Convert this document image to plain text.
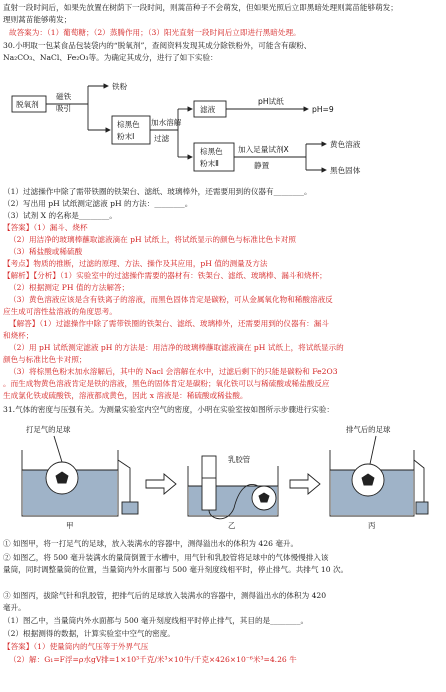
直射一段时间后，如果先放置在树荫下一段时间，则蒿苗种子不会萌发，但如果光照后立即黑暗处理则蒿苗能够萌发；
理则蒿苗能够萌发；
故答案为：（1）葡萄糖；（2）蒸腾作用；（3）阳光直射一段时间后立即进行黑暗处理。
30.小明取一包某食品包装袋内的“脱氧剂”，查阅资料发现其成分除铁粉外，可能含有碳粉、
Na₂CO₃、NaCl、Fe₂O₃等。为确定其成分，进行了如下实验：
脱氧剂
磁铁
吸引
铁粉
棕黑色
粉末Ⅰ
加水溶解
过滤
滤液
pH试纸
pH=9
棕黑色
粉末Ⅱ
加入足量试剂X
静置
黄色溶液
黑色固体
（1）过滤操作中除了需带铁圈的铁架台、滤纸、玻璃棒外，还需要用到的仪器有________。
（2）写出用 pH 试纸测定滤液 pH 的方法：________。
（3）试剂 X 的名称是________。
【答案】（1）漏斗、烧杯
（2）用洁净的玻璃棒蘸取滤液滴在 pH 试纸上，将试纸显示的颜色与标准比色卡对照
（3）稀盐酸或稀硫酸
【考点】物质的推断，过滤的原理、方法、操作及其应用，pH 值的测量及方法
【解析】【分析】（1）实验室中的过滤操作需要的器材有：铁架台、滤纸、玻璃棒、漏斗和烧杯；
（2）根据测定 PH 值的方法解答；
（3）黄色溶液应该是含有铁离子的溶液，而黑色固体肯定是碳粉，可从金属氧化物和稀酸溶液反
应生成可溶性盐溶液的角度思考。
【解答】（1）过滤操作中除了需带铁圈的铁架台、滤纸、玻璃棒外，还需要用到的仪器有：漏斗
和烧杯；
（2）用 pH 试纸测定滤液 pH 的方法是：用洁净的玻璃棒蘸取滤液滴在 pH 试纸上，将试纸显示的
颜色与标准比色卡对照；
（3）将棕黑色粉末加水溶解后，其中的 Nacl 会溶解在水中，过滤后剩下的只能是碳粉和 Fe2O3
。而生成物黄色溶液肯定是铁的溶液，黑色的固体肯定是碳粉；氧化铁可以与稀硫酸或稀盐酸反应
生成氯化铁或硫酸铁，溶液都成黄色，因此 x 溶液是：稀硫酸或稀盐酸。
31.气体的密度与压强有关。为测量实验室内空气的密度，小明在实验室按如图所示步骤进行实验：
打足气的足球
乳胶管
排气后的足球
甲	乙	丙
① 如图甲，将一打足气的足球，放入装满水的容器中，测得溢出水的体积为 426 毫升。
② 如图乙，将 500 毫升装满水的量筒倒置于水槽中，用气针和乳胶管将足球中的气体慢慢排入该
量筒，同时调整量筒的位置，当量筒内外水面都与 500 毫升刻度线相平时，停止排气。共排气 10 次。
③ 如图丙，拔除气针和乳胶管，把排气后的足球放入装满水的容器中，测得溢出水的体积为 420
毫升。
（1）图乙中，当量筒内外水面都与 500 毫升刻度线相平时停止排气，其目的是________。
（2）根据测得的数据，计算实验室中空气的密度。
【答案】（1）使量筒内的气压等于外界气压
（2）解：G₁=F浮=ρ水gV排=1×10³千克/米³×10牛/千克×426×10⁻⁶米³=4.26 牛
